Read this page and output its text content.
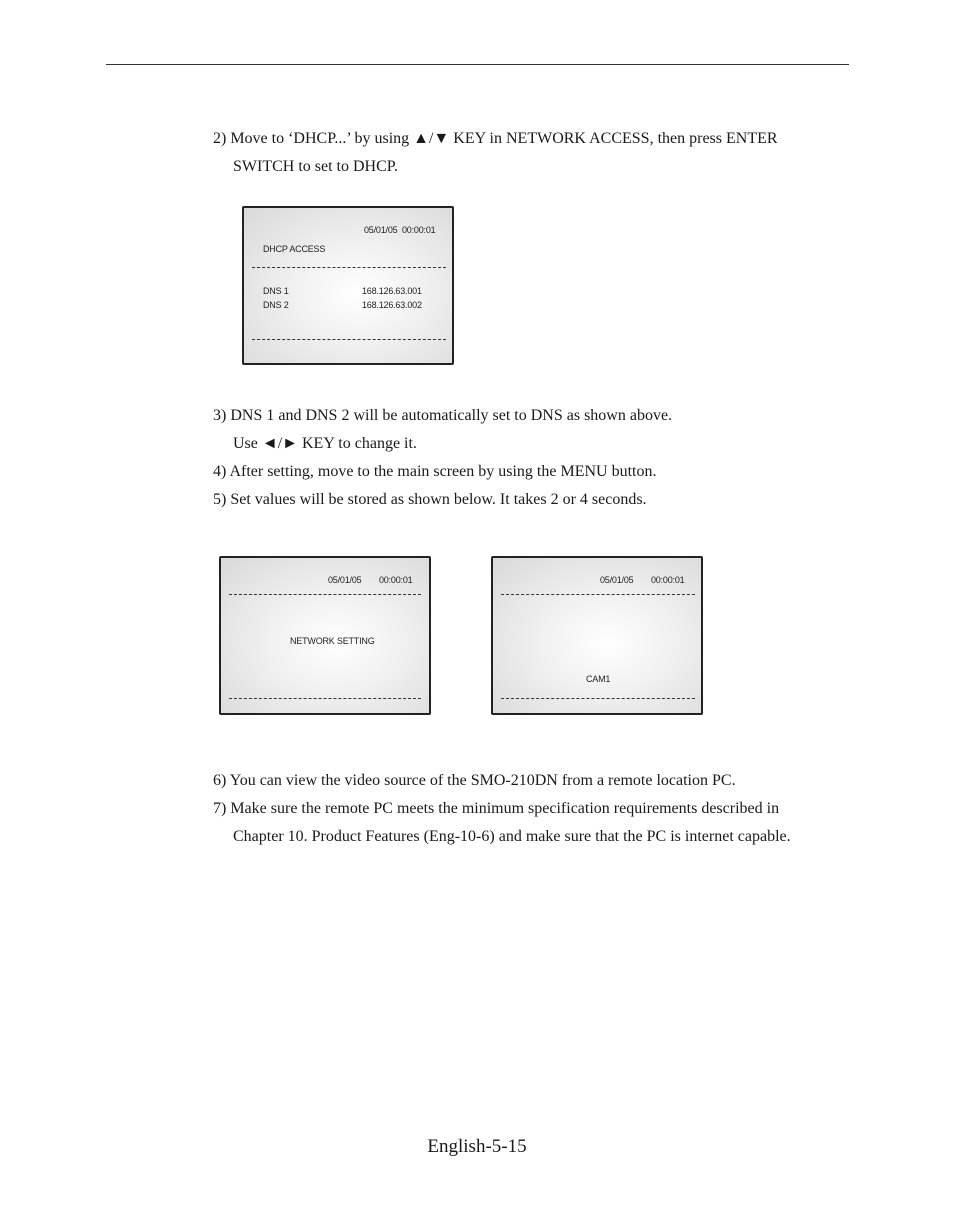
2) Move to ‘DHCP...’ by using ▲/▼ KEY in NETWORK ACCESS, then press ENTER
SWITCH to set to DHCP.
05/01/05 00:00:01
DHCP ACCESS
DNS 1	168.126.63.001
DNS 2	168.126.63.002
3) DNS 1 and DNS 2 will be automatically set to DNS as shown above.
Use ◄/► KEY to change it.
4) After setting, move to the main screen by using the MENU button.
5) Set values will be stored as shown below. It takes 2 or 4 seconds.
05/01/05 00:00:01
NETWORK SETTING
05/01/05 00:00:01
CAM1
6) You can view the video source of the SMO-210DN from a remote location PC.
7) Make sure the remote PC meets the minimum specification requirements described in
Chapter 10. Product Features (Eng-10-6) and make sure that the PC is internet capable.
English-5-15
